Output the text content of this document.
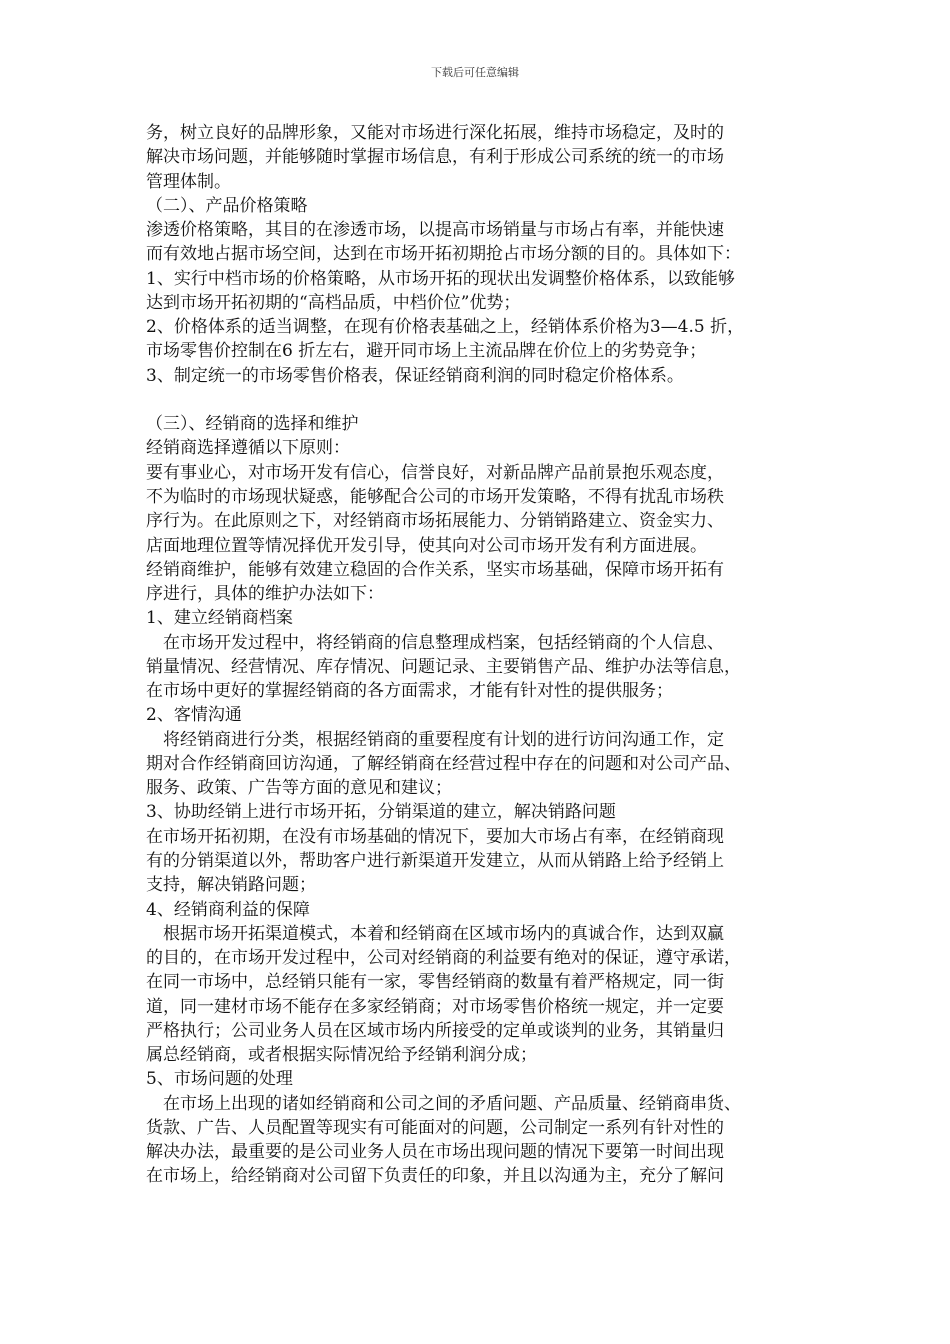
下载后可任意编辑
务，树立良好的品牌形象，又能对市场进行深化拓展，维持市场稳定，及时的
解决市场问题，并能够随时掌握市场信息，有利于形成公司系统的统一的市场
管理体制。
（二）、产品价格策略
渗透价格策略，其目的在渗透市场，以提高市场销量与市场占有率，并能快速
而有效地占据市场空间，达到在市场开拓初期抢占市场分额的目的。具体如下：
1、实行中档市场的价格策略，从市场开拓的现状出发调整价格体系，以致能够
达到市场开拓初期的“高档品质，中档价位”优势；
2、价格体系的适当调整，在现有价格表基础之上，经销体系价格为3—4.5 折，
市场零售价控制在6 折左右，避开同市场上主流品牌在价位上的劣势竞争；
3、制定统一的市场零售价格表，保证经销商利润的同时稳定价格体系。
（三）、经销商的选择和维护
经销商选择遵循以下原则：
要有事业心，对市场开发有信心，信誉良好，对新品牌产品前景抱乐观态度，
不为临时的市场现状疑惑，能够配合公司的市场开发策略，不得有扰乱市场秩
序行为。在此原则之下，对经销商市场拓展能力、分销销路建立、资金实力、
店面地理位置等情况择优开发引导，使其向对公司市场开发有利方面进展。
经销商维护，能够有效建立稳固的合作关系，坚实市场基础，保障市场开拓有
序进行，具体的维护办法如下：
1、建立经销商档案
　在市场开发过程中，将经销商的信息整理成档案，包括经销商的个人信息、
销量情况、经营情况、库存情况、问题记录、主要销售产品、维护办法等信息，
在市场中更好的掌握经销商的各方面需求，才能有针对性的提供服务；
2、客情沟通
　将经销商进行分类，根据经销商的重要程度有计划的进行访问沟通工作，定
期对合作经销商回访沟通，了解经销商在经营过程中存在的问题和对公司产品、
服务、政策、广告等方面的意见和建议；
3、协助经销上进行市场开拓，分销渠道的建立，解决销路问题
在市场开拓初期，在没有市场基础的情况下，要加大市场占有率，在经销商现
有的分销渠道以外，帮助客户进行新渠道开发建立，从而从销路上给予经销上
支持，解决销路问题；
4、经销商利益的保障
　根据市场开拓渠道模式，本着和经销商在区域市场内的真诚合作，达到双赢
的目的，在市场开发过程中，公司对经销商的利益要有绝对的保证，遵守承诺，
在同一市场中，总经销只能有一家，零售经销商的数量有着严格规定，同一街
道，同一建材市场不能存在多家经销商；对市场零售价格统一规定，并一定要
严格执行；公司业务人员在区域市场内所接受的定单或谈判的业务，其销量归
属总经销商，或者根据实际情况给予经销利润分成；
5、市场问题的处理
　在市场上出现的诸如经销商和公司之间的矛盾问题、产品质量、经销商串货、
货款、广告、人员配置等现实有可能面对的问题，公司制定一系列有针对性的
解决办法，最重要的是公司业务人员在市场出现问题的情况下要第一时间出现
在市场上，给经销商对公司留下负责任的印象，并且以沟通为主，充分了解问
